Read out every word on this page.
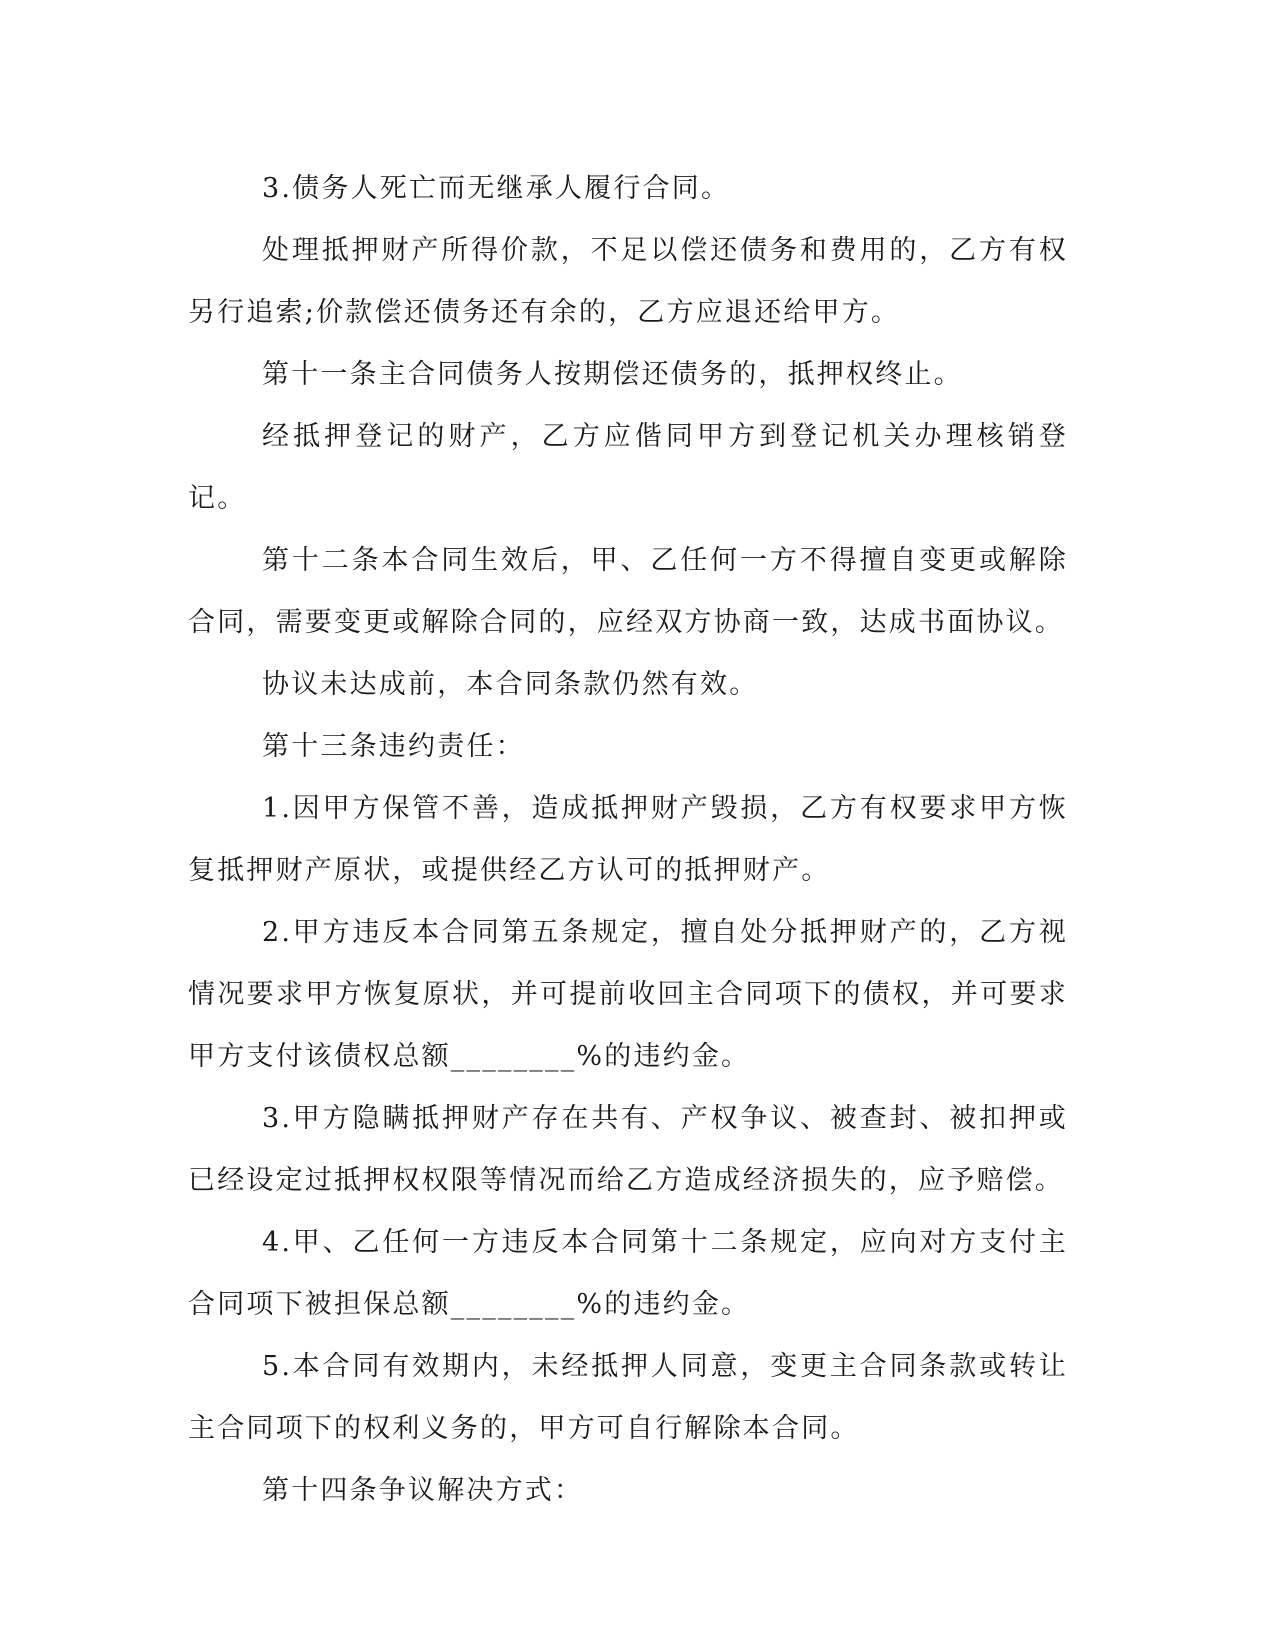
3.债务人死亡而无继承人履行合同。

处理抵押财产所得价款，不足以偿还债务和费用的，乙方有权另行追索;价款偿还债务还有余的，乙方应退还给甲方。

第十一条主合同债务人按期偿还债务的，抵押权终止。

经抵押登记的财产，乙方应偕同甲方到登记机关办理核销登记。

第十二条本合同生效后，甲、乙任何一方不得擅自变更或解除合同，需要变更或解除合同的，应经双方协商一致，达成书面协议。

协议未达成前，本合同条款仍然有效。

第十三条违约责任：

1.因甲方保管不善，造成抵押财产毁损，乙方有权要求甲方恢复抵押财产原状，或提供经乙方认可的抵押财产。

2.甲方违反本合同第五条规定，擅自处分抵押财产的，乙方视情况要求甲方恢复原状，并可提前收回主合同项下的债权，并可要求甲方支付该债权总额________%的违约金。

3.甲方隐瞒抵押财产存在共有、产权争议、被查封、被扣押或已经设定过抵押权权限等情况而给乙方造成经济损失的，应予赔偿。

4.甲、乙任何一方违反本合同第十二条规定，应向对方支付主合同项下被担保总额________%的违约金。

5.本合同有效期内，未经抵押人同意，变更主合同条款或转让主合同项下的权利义务的，甲方可自行解除本合同。

第十四条争议解决方式：
